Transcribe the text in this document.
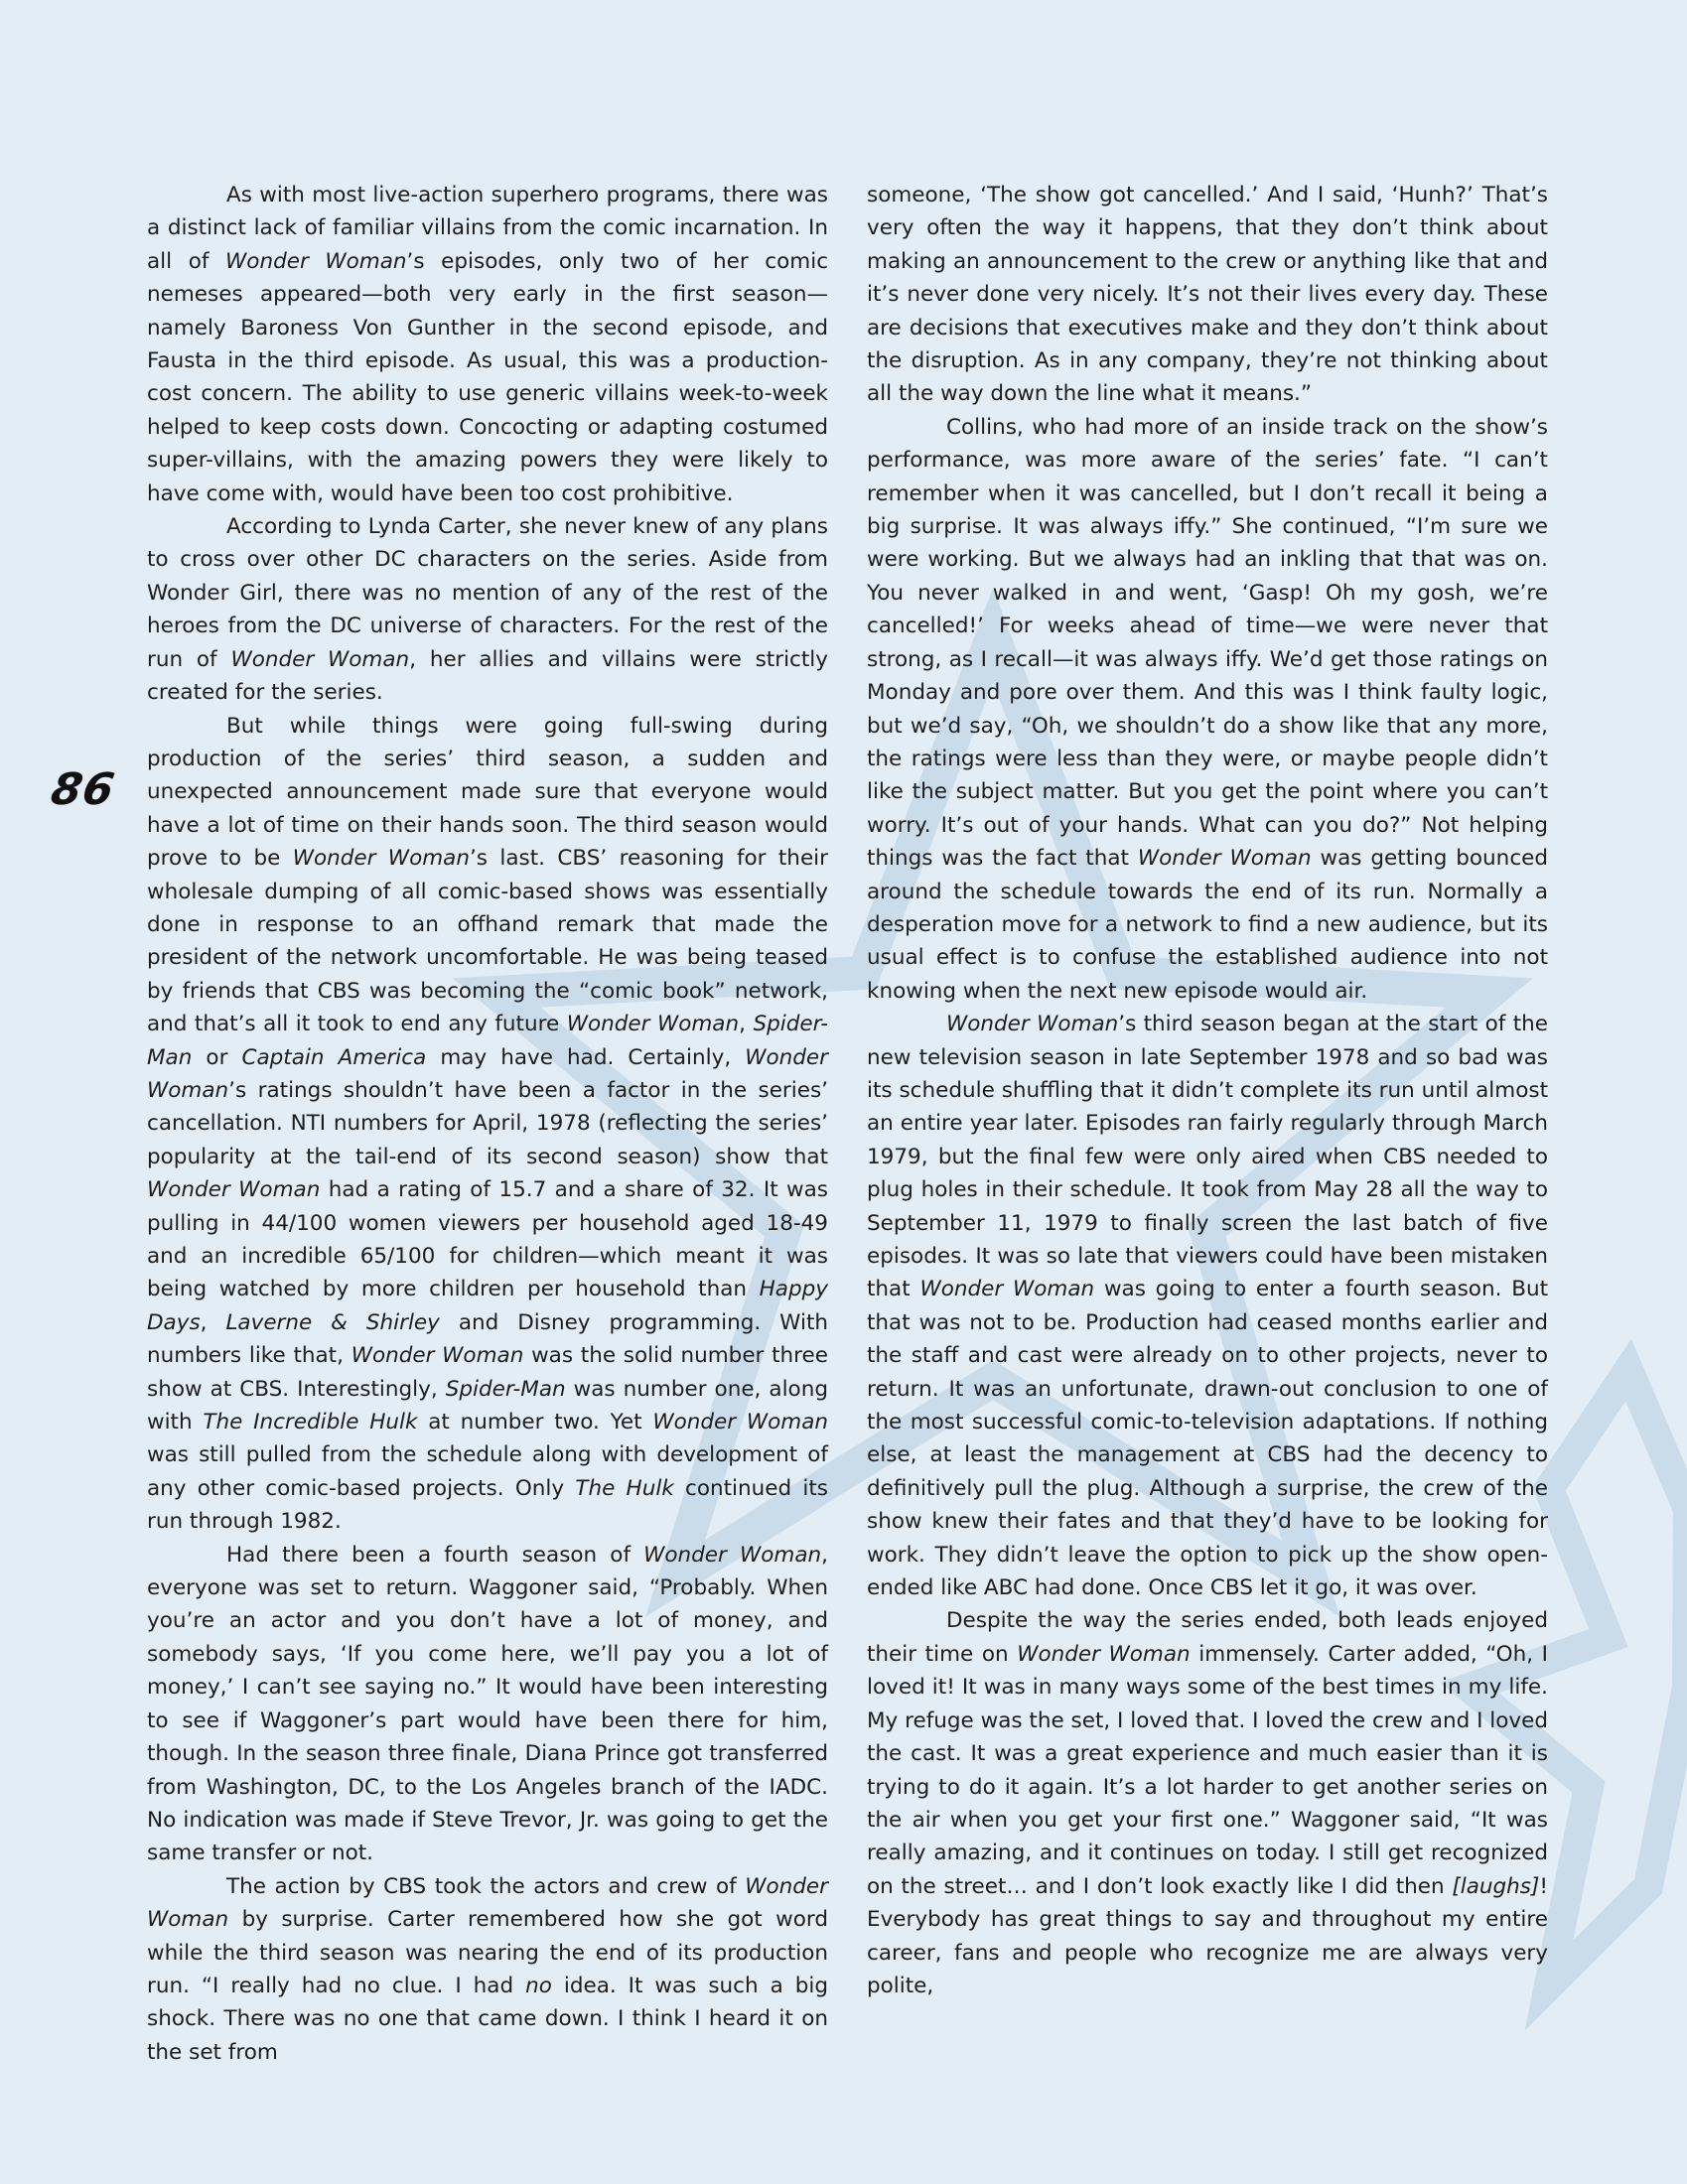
86

As with most live-action superhero programs, there was a distinct lack of familiar villains from the comic incarnation. In all of Wonder Woman’s episodes, only two of her comic nemeses appeared—both very early in the first season—namely Baroness Von Gunther in the second episode, and Fausta in the third episode. As usual, this was a production-cost concern. The ability to use generic villains week-to-week helped to keep costs down. Concocting or adapting costumed super-villains, with the amazing powers they were likely to have come with, would have been too cost prohibitive.

According to Lynda Carter, she never knew of any plans to cross over other DC characters on the series. Aside from Wonder Girl, there was no mention of any of the rest of the heroes from the DC universe of characters. For the rest of the run of Wonder Woman, her allies and villains were strictly created for the series.

But while things were going full-swing during production of the series’ third season, a sudden and unexpected announcement made sure that everyone would have a lot of time on their hands soon. The third season would prove to be Wonder Woman’s last. CBS’ reasoning for their wholesale dumping of all comic-based shows was essentially done in response to an offhand remark that made the president of the network uncomfortable. He was being teased by friends that CBS was becoming the “comic book” network, and that’s all it took to end any future Wonder Woman, Spider-Man or Captain America may have had. Certainly, Wonder Woman’s ratings shouldn’t have been a factor in the series’ cancellation. NTI numbers for April, 1978 (reflecting the series’ popularity at the tail-end of its second season) show that Wonder Woman had a rating of 15.7 and a share of 32. It was pulling in 44/100 women viewers per household aged 18-49 and an incredible 65/100 for children—which meant it was being watched by more children per household than Happy Days, Laverne & Shirley and Disney programming. With numbers like that, Wonder Woman was the solid number three show at CBS. Interestingly, Spider-Man was number one, along with The Incredible Hulk at number two. Yet Wonder Woman was still pulled from the schedule along with development of any other comic-based projects. Only The Hulk continued its run through 1982.

Had there been a fourth season of Wonder Woman, everyone was set to return. Waggoner said, “Probably. When you’re an actor and you don’t have a lot of money, and somebody says, ‘If you come here, we’ll pay you a lot of money,’ I can’t see saying no.” It would have been interesting to see if Waggoner’s part would have been there for him, though. In the season three finale, Diana Prince got transferred from Washington, DC, to the Los Angeles branch of the IADC. No indication was made if Steve Trevor, Jr. was going to get the same transfer or not.

The action by CBS took the actors and crew of Wonder Woman by surprise. Carter remembered how she got word while the third season was nearing the end of its production run. “I really had no clue. I had no idea. It was such a big shock. There was no one that came down. I think I heard it on the set from

someone, ‘The show got cancelled.’ And I said, ‘Hunh?’ That’s very often the way it happens, that they don’t think about making an announcement to the crew or anything like that and it’s never done very nicely. It’s not their lives every day. These are decisions that executives make and they don’t think about the disruption. As in any company, they’re not thinking about all the way down the line what it means.”

Collins, who had more of an inside track on the show’s performance, was more aware of the series’ fate. “I can’t remember when it was cancelled, but I don’t recall it being a big surprise. It was always iffy.” She continued, “I’m sure we were working. But we always had an inkling that that was on. You never walked in and went, ‘Gasp! Oh my gosh, we’re cancelled!’ For weeks ahead of time—we were never that strong, as I recall—it was always iffy. We’d get those ratings on Monday and pore over them. And this was I think faulty logic, but we’d say, “Oh, we shouldn’t do a show like that any more, the ratings were less than they were, or maybe people didn’t like the subject matter. But you get the point where you can’t worry. It’s out of your hands. What can you do?” Not helping things was the fact that Wonder Woman was getting bounced around the schedule towards the end of its run. Normally a desperation move for a network to find a new audience, but its usual effect is to confuse the established audience into not knowing when the next new episode would air.

Wonder Woman’s third season began at the start of the new television season in late September 1978 and so bad was its schedule shuffling that it didn’t complete its run until almost an entire year later. Episodes ran fairly regularly through March 1979, but the final few were only aired when CBS needed to plug holes in their schedule. It took from May 28 all the way to September 11, 1979 to finally screen the last batch of five episodes. It was so late that viewers could have been mistaken that Wonder Woman was going to enter a fourth season. But that was not to be. Production had ceased months earlier and the staff and cast were already on to other projects, never to return. It was an unfortunate, drawn-out conclusion to one of the most successful comic-to-television adaptations. If nothing else, at least the management at CBS had the decency to definitively pull the plug. Although a surprise, the crew of the show knew their fates and that they’d have to be looking for work. They didn’t leave the option to pick up the show open-ended like ABC had done. Once CBS let it go, it was over.

Despite the way the series ended, both leads enjoyed their time on Wonder Woman immensely. Carter added, “Oh, I loved it! It was in many ways some of the best times in my life. My refuge was the set, I loved that. I loved the crew and I loved the cast. It was a great experience and much easier than it is trying to do it again. It’s a lot harder to get another series on the air when you get your first one.” Waggoner said, “It was really amazing, and it continues on today. I still get recognized on the street… and I don’t look exactly like I did then [laughs]! Everybody has great things to say and throughout my entire career, fans and people who recognize me are always very polite,
